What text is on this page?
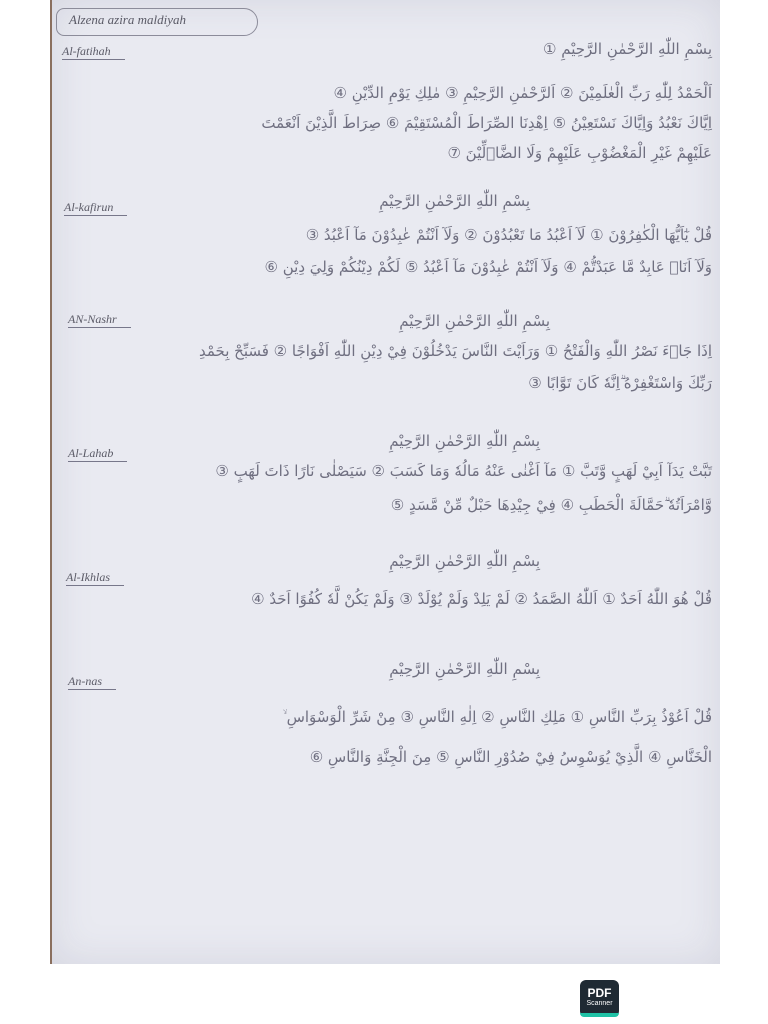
Alzena azira maldiyah
Al-fatihah	بِسْمِ اللّٰهِ الرَّحْمٰنِ الرَّحِيْمِ ①
اَلْحَمْدُ لِلّٰهِ رَبِّ الْعٰلَمِيْنَ ② اَلرَّحْمٰنِ الرَّحِيْمِ ③ مٰلِكِ يَوْمِ الدِّيْنِ ④
اِيَّاكَ نَعْبُدُ وَاِيَّاكَ نَسْتَعِيْنُ ⑤ اِهْدِنَا الصِّرَاطَ الْمُسْتَقِيْمَ ⑥ صِرَاطَ الَّذِيْنَ اَنْعَمْتَ
عَلَيْهِمْ غَيْرِ الْمَغْضُوْبِ عَلَيْهِمْ وَلَا الضَّاۤلِّيْنَ ⑦
Al-kafirun	بِسْمِ اللّٰهِ الرَّحْمٰنِ الرَّحِيْمِ
قُلْ يٰٓاَيُّهَا الْكٰفِرُوْنَ ① لَآ اَعْبُدُ مَا تَعْبُدُوْنَ ② وَلَآ اَنْتُمْ عٰبِدُوْنَ مَآ اَعْبُدُ ③
وَلَآ اَنَا۠ عَابِدٌ مَّا عَبَدْتُّمْ ④ وَلَآ اَنْتُمْ عٰبِدُوْنَ مَآ اَعْبُدُ ⑤ لَكُمْ دِيْنُكُمْ وَلِيَ دِيْنِ ⑥
AN-Nashr	بِسْمِ اللّٰهِ الرَّحْمٰنِ الرَّحِيْمِ
اِذَا جَاۤءَ نَصْرُ اللّٰهِ وَالْفَتْحُ ① وَرَاَيْتَ النَّاسَ يَدْخُلُوْنَ فِيْ دِيْنِ اللّٰهِ اَفْوَاجًا ② فَسَبِّحْ بِحَمْدِ
رَبِّكَ وَاسْتَغْفِرْهُ ۗاِنَّهٗ كَانَ تَوَّابًا ③
Al-Lahab
بِسْمِ اللّٰهِ الرَّحْمٰنِ الرَّحِيْمِ
تَبَّتْ يَدَآ اَبِيْ لَهَبٍ وَّتَبَّ ① مَآ اَغْنٰى عَنْهُ مَالُهٗ وَمَا كَسَبَ ② سَيَصْلٰى نَارًا ذَاتَ لَهَبٍ ③
وَّامْرَاَتُهٗ ۗحَمَّالَةَ الْحَطَبِ ④ فِيْ جِيْدِهَا حَبْلٌ مِّنْ مَّسَدٍ ⑤
Al-Ikhlas
بِسْمِ اللّٰهِ الرَّحْمٰنِ الرَّحِيْمِ
قُلْ هُوَ اللّٰهُ اَحَدٌ ① اَللّٰهُ الصَّمَدُ ② لَمْ يَلِدْ وَلَمْ يُوْلَدْ ③ وَلَمْ يَكُنْ لَّهٗ كُفُوًا اَحَدٌ ④
An-nas
بِسْمِ اللّٰهِ الرَّحْمٰنِ الرَّحِيْمِ
قُلْ اَعُوْذُ بِرَبِّ النَّاسِ ① مَلِكِ النَّاسِ ② اِلٰهِ النَّاسِ ③ مِنْ شَرِّ الْوَسْوَاسِ ۙ
الْخَنَّاسِ ④ الَّذِيْ يُوَسْوِسُ فِيْ صُدُوْرِ النَّاسِ ⑤ مِنَ الْجِنَّةِ وَالنَّاسِ ⑥
PDF
Scanner
